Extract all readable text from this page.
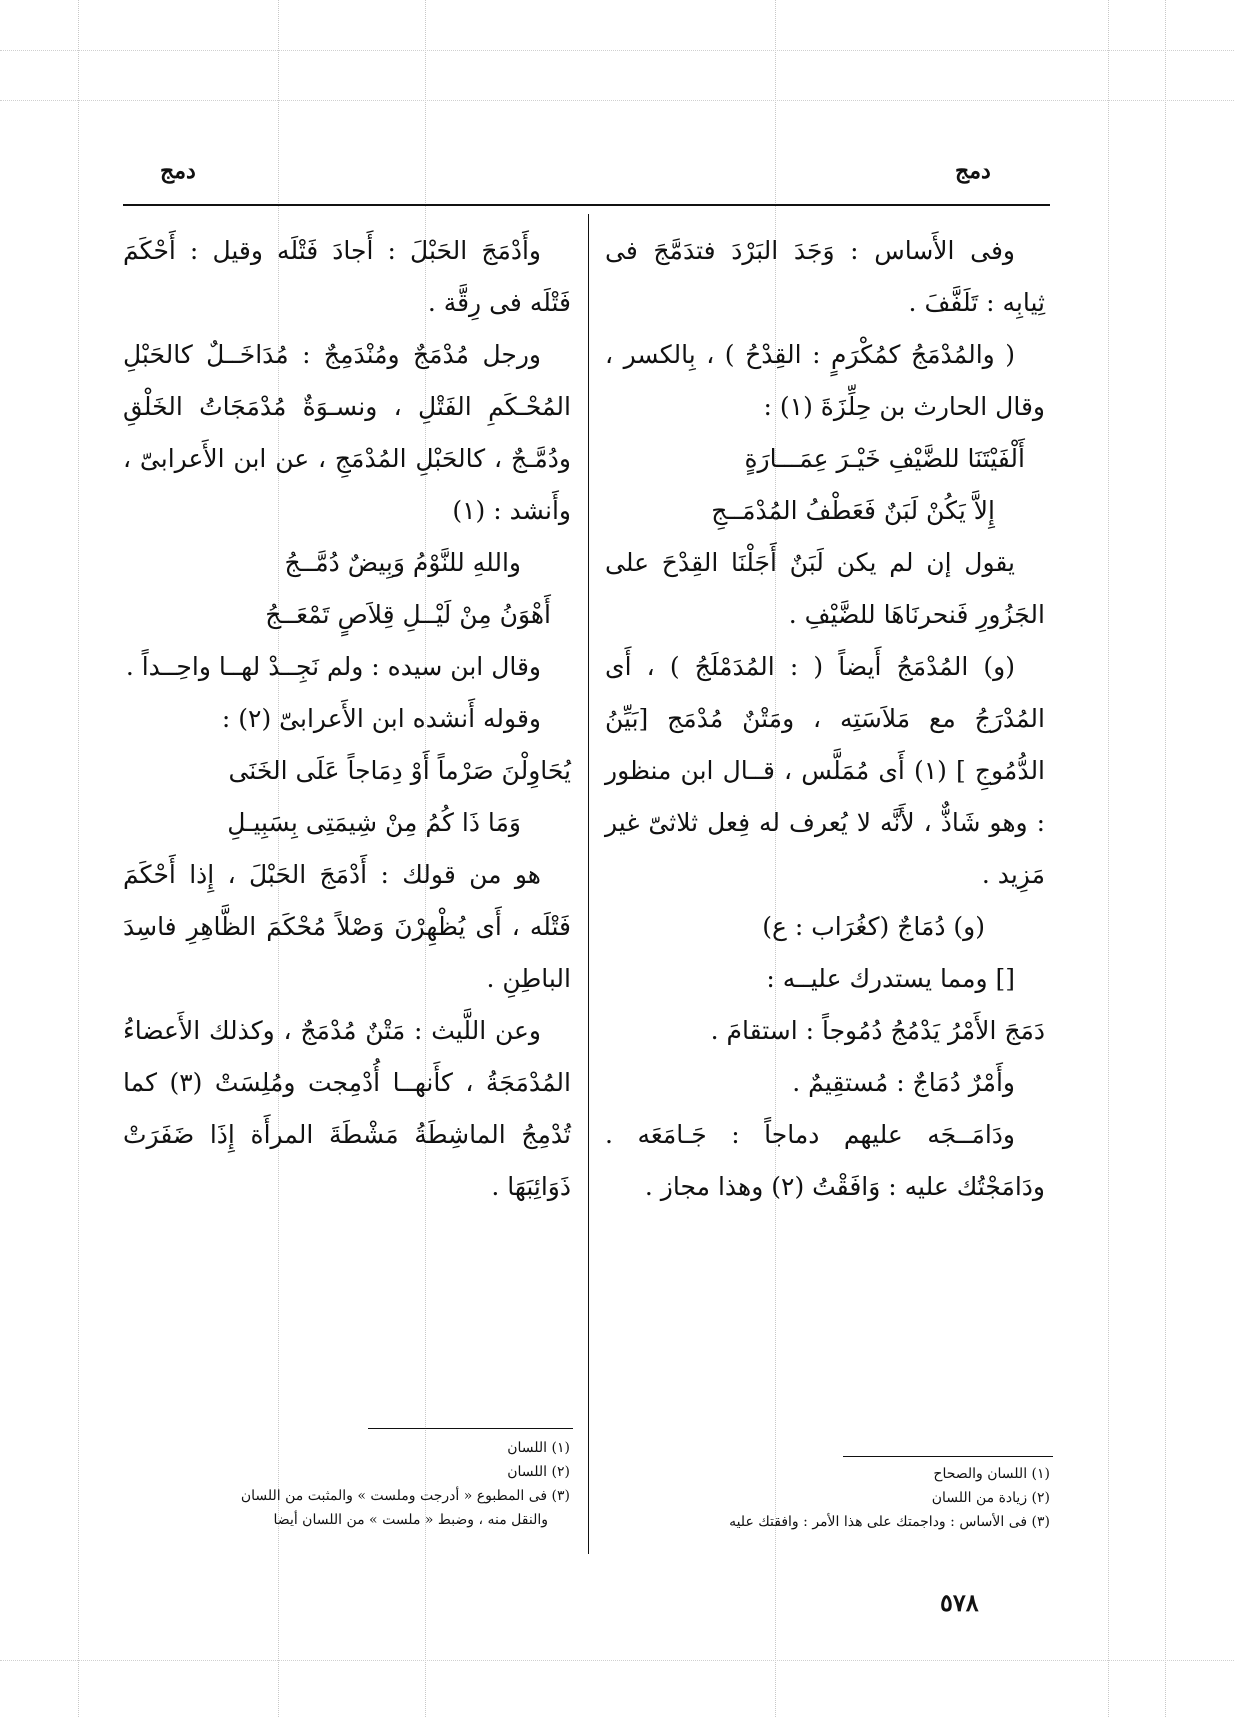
دمج
دمج

وفى الأَساس : وَجَدَ البَرْدَ فتدَمَّجَ فى ثِيابِه : تَلَفَّفَ .

( والمُدْمَجُ كمُكْرَمٍ : القِدْحُ ) ، بِالكسر ، وقال الحارث بن حِلِّزَةَ (١) :

أَلْفَيْتَنَا للضَّيْفِ خَيْـرَ عِمَـــارَةٍ

إِلاَّ يَكُنْ لَبَنٌ فَعَطْفُ المُدْمَــجِ

يقول إن لم يكن لَبَنٌ أَجَلْنَا القِدْحَ على الجَزُورِ فَنحرنَاهَا للضَّيْفِ .

(و) المُدْمَجُ أَيضاً ( : المُدَمْلَجُ ) ، أَى المُدْرَجُ مع مَلاَسَتِه ، ومَتْنٌ مُدْمَج [بَيِّنُ الدُّمُوجِ ] (١) أَى مُمَلَّس ، قــال ابن منظور : وهو شَاذٌّ ، لأَنَّه لا يُعرف له فِعل ثلاثىّ غير مَزِيد .

(و) دُمَاجٌ (كغُرَاب : ع)

[] ومما يستدرك عليــه :

دَمَجَ الأَمْرُ يَدْمُجُ دُمُوجاً : استقامَ .

وأَمْرٌ دُمَاجٌ : مُستقِيمٌ .

ودَامَــجَه عليهم دماجاً : جَـامَعَه . ودَامَجْتُك عليه : وَافَقْتُ (٢) وهذا مجاز .

وأَدْمَجَ الحَبْلَ : أَجادَ فَتْلَه وقيل : أَحْكَمَ فَتْلَه فى رِقَّة .

ورجل مُدْمَجٌ ومُنْدَمِجٌ : مُدَاخَــلٌ كالحَبْلِ المُحْـكَمِ الفَتْلِ ، ونسـوَةٌ مُدْمَجَاتُ الخَلْقِ ودُمَّـجٌ ، كالحَبْلِ المُدْمَجِ ، عن ابن الأَعرابىّ ، وأَنشد : (١)

واللهِ للنَّوْمُ وَبِيضٌ دُمَّــجُ

أَهْوَنُ مِنْ لَيْــلِ قِلاَصٍ تَمْعَــجُ

وقال ابن سيده : ولم نَجِــدْ لهــا واحِــداً .

وقوله أَنشده ابن الأَعرابىّ (٢) :

يُحَاوِلْنَ صَرْماً أَوْ دِمَاجاً عَلَى الخَنَى

وَمَا ذَا كُمُ مِنْ شِيمَتِى بِسَبِيـلِ

هو من قولك : أَدْمَجَ الحَبْلَ ، إِذا أَحْكَمَ فَتْلَه ، أَى يُظْهِرْنَ وَصْلاً مُحْكَمَ الظَّاهِرِ فاسِدَ الباطِنِ .

وعن اللَّيث : مَتْنٌ مُدْمَجٌ ، وكذلك الأَعضاءُ المُدْمَجَةُ ، كأَنهــا أُدْمِجت ومُلِسَتْ (٣) كما تُدْمِجُ الماشِطَةُ مَشْطَةَ المرأَة إِذَا ضَفَرَتْ ذَوَائِبَهَا .

(١) اللسان والصحاح
(٢) زيادة من اللسان
(٣) فى الأساس : وداجمتك على هذا الأمر : وافقتك عليه
(١) اللسان
(٢) اللسان
(٣) فى المطبوع « أدرجت وملست » والمثبت من اللسان
والنقل منه ، وضبط « ملست » من اللسان أيضا
٥٧٨
